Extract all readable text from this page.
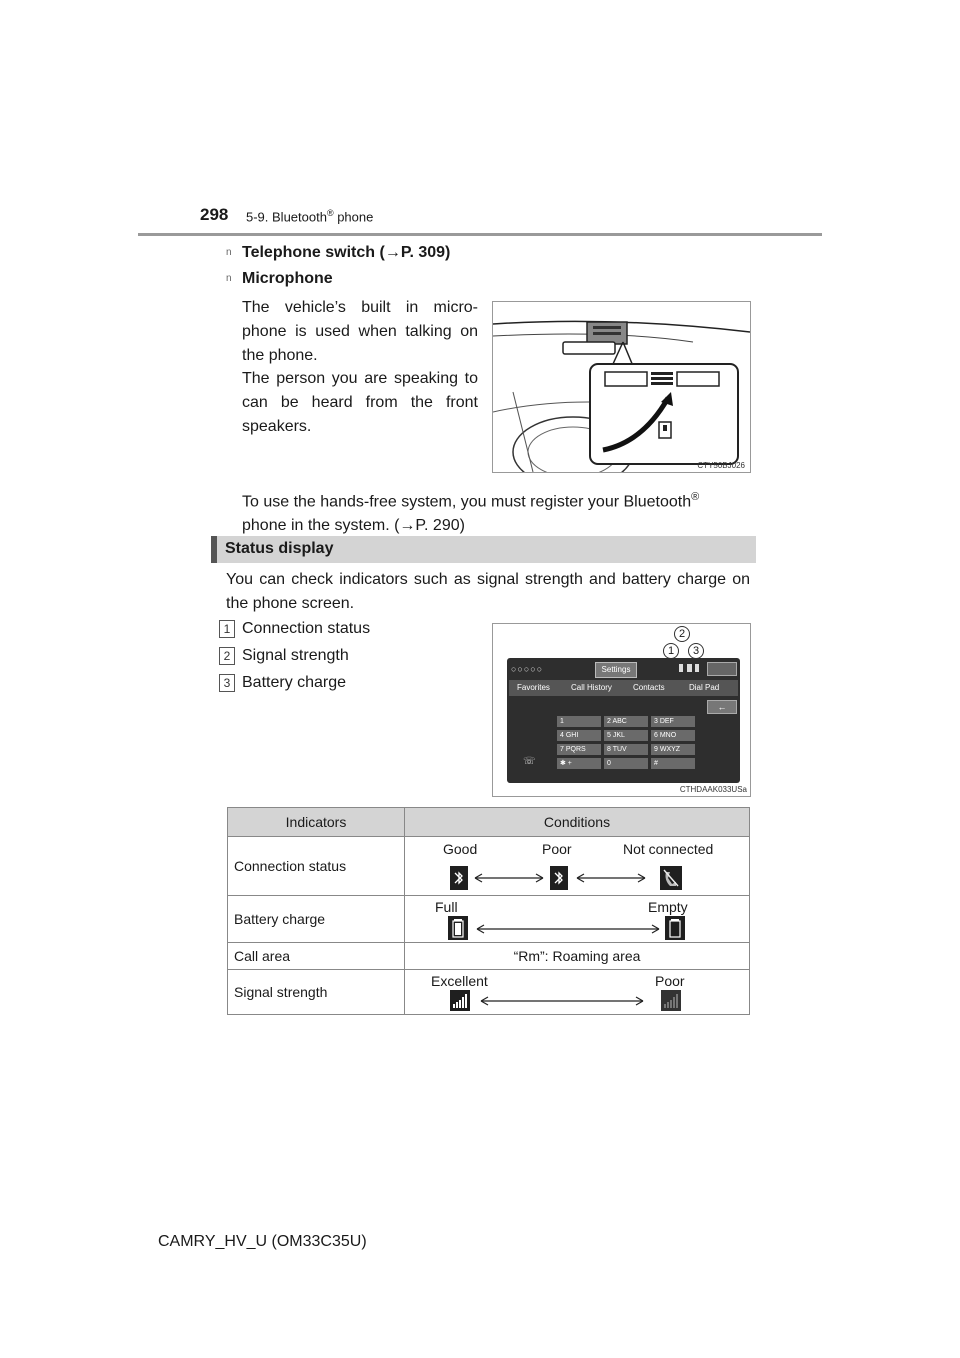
298 5-9. Bluetooth® phone
n Telephone switch (→P. 309)
n Microphone
The vehicle’s built in micro-phone is used when talking on the phone.
The person you are speaking to can be heard from the front speakers.
CTY50BJ026
To use the hands-free system, you must register your Bluetooth®
phone in the system. (→P. 290)
Status display
You can check indicators such as signal strength and battery charge on the phone screen.
1 Connection status
2 Signal strength
3 Battery charge
2
1	3
○○○○○	Settings
Favorites	Call History	Contacts	Dial Pad
←
1	2 ABC	3 DEF
4 GHI	5 JKL	6 MNO
7 PQRS	8 TUV	9 WXYZ
✱ +	0	#
☏
CTHDAAK033USa
Indicators	Conditions
Connection status	Good Poor Not connected

Battery charge	Full Empty

Call area	“Rm”: Roaming area
Signal strength	Excellent Poor
CAMRY_HV_U (OM33C35U)
